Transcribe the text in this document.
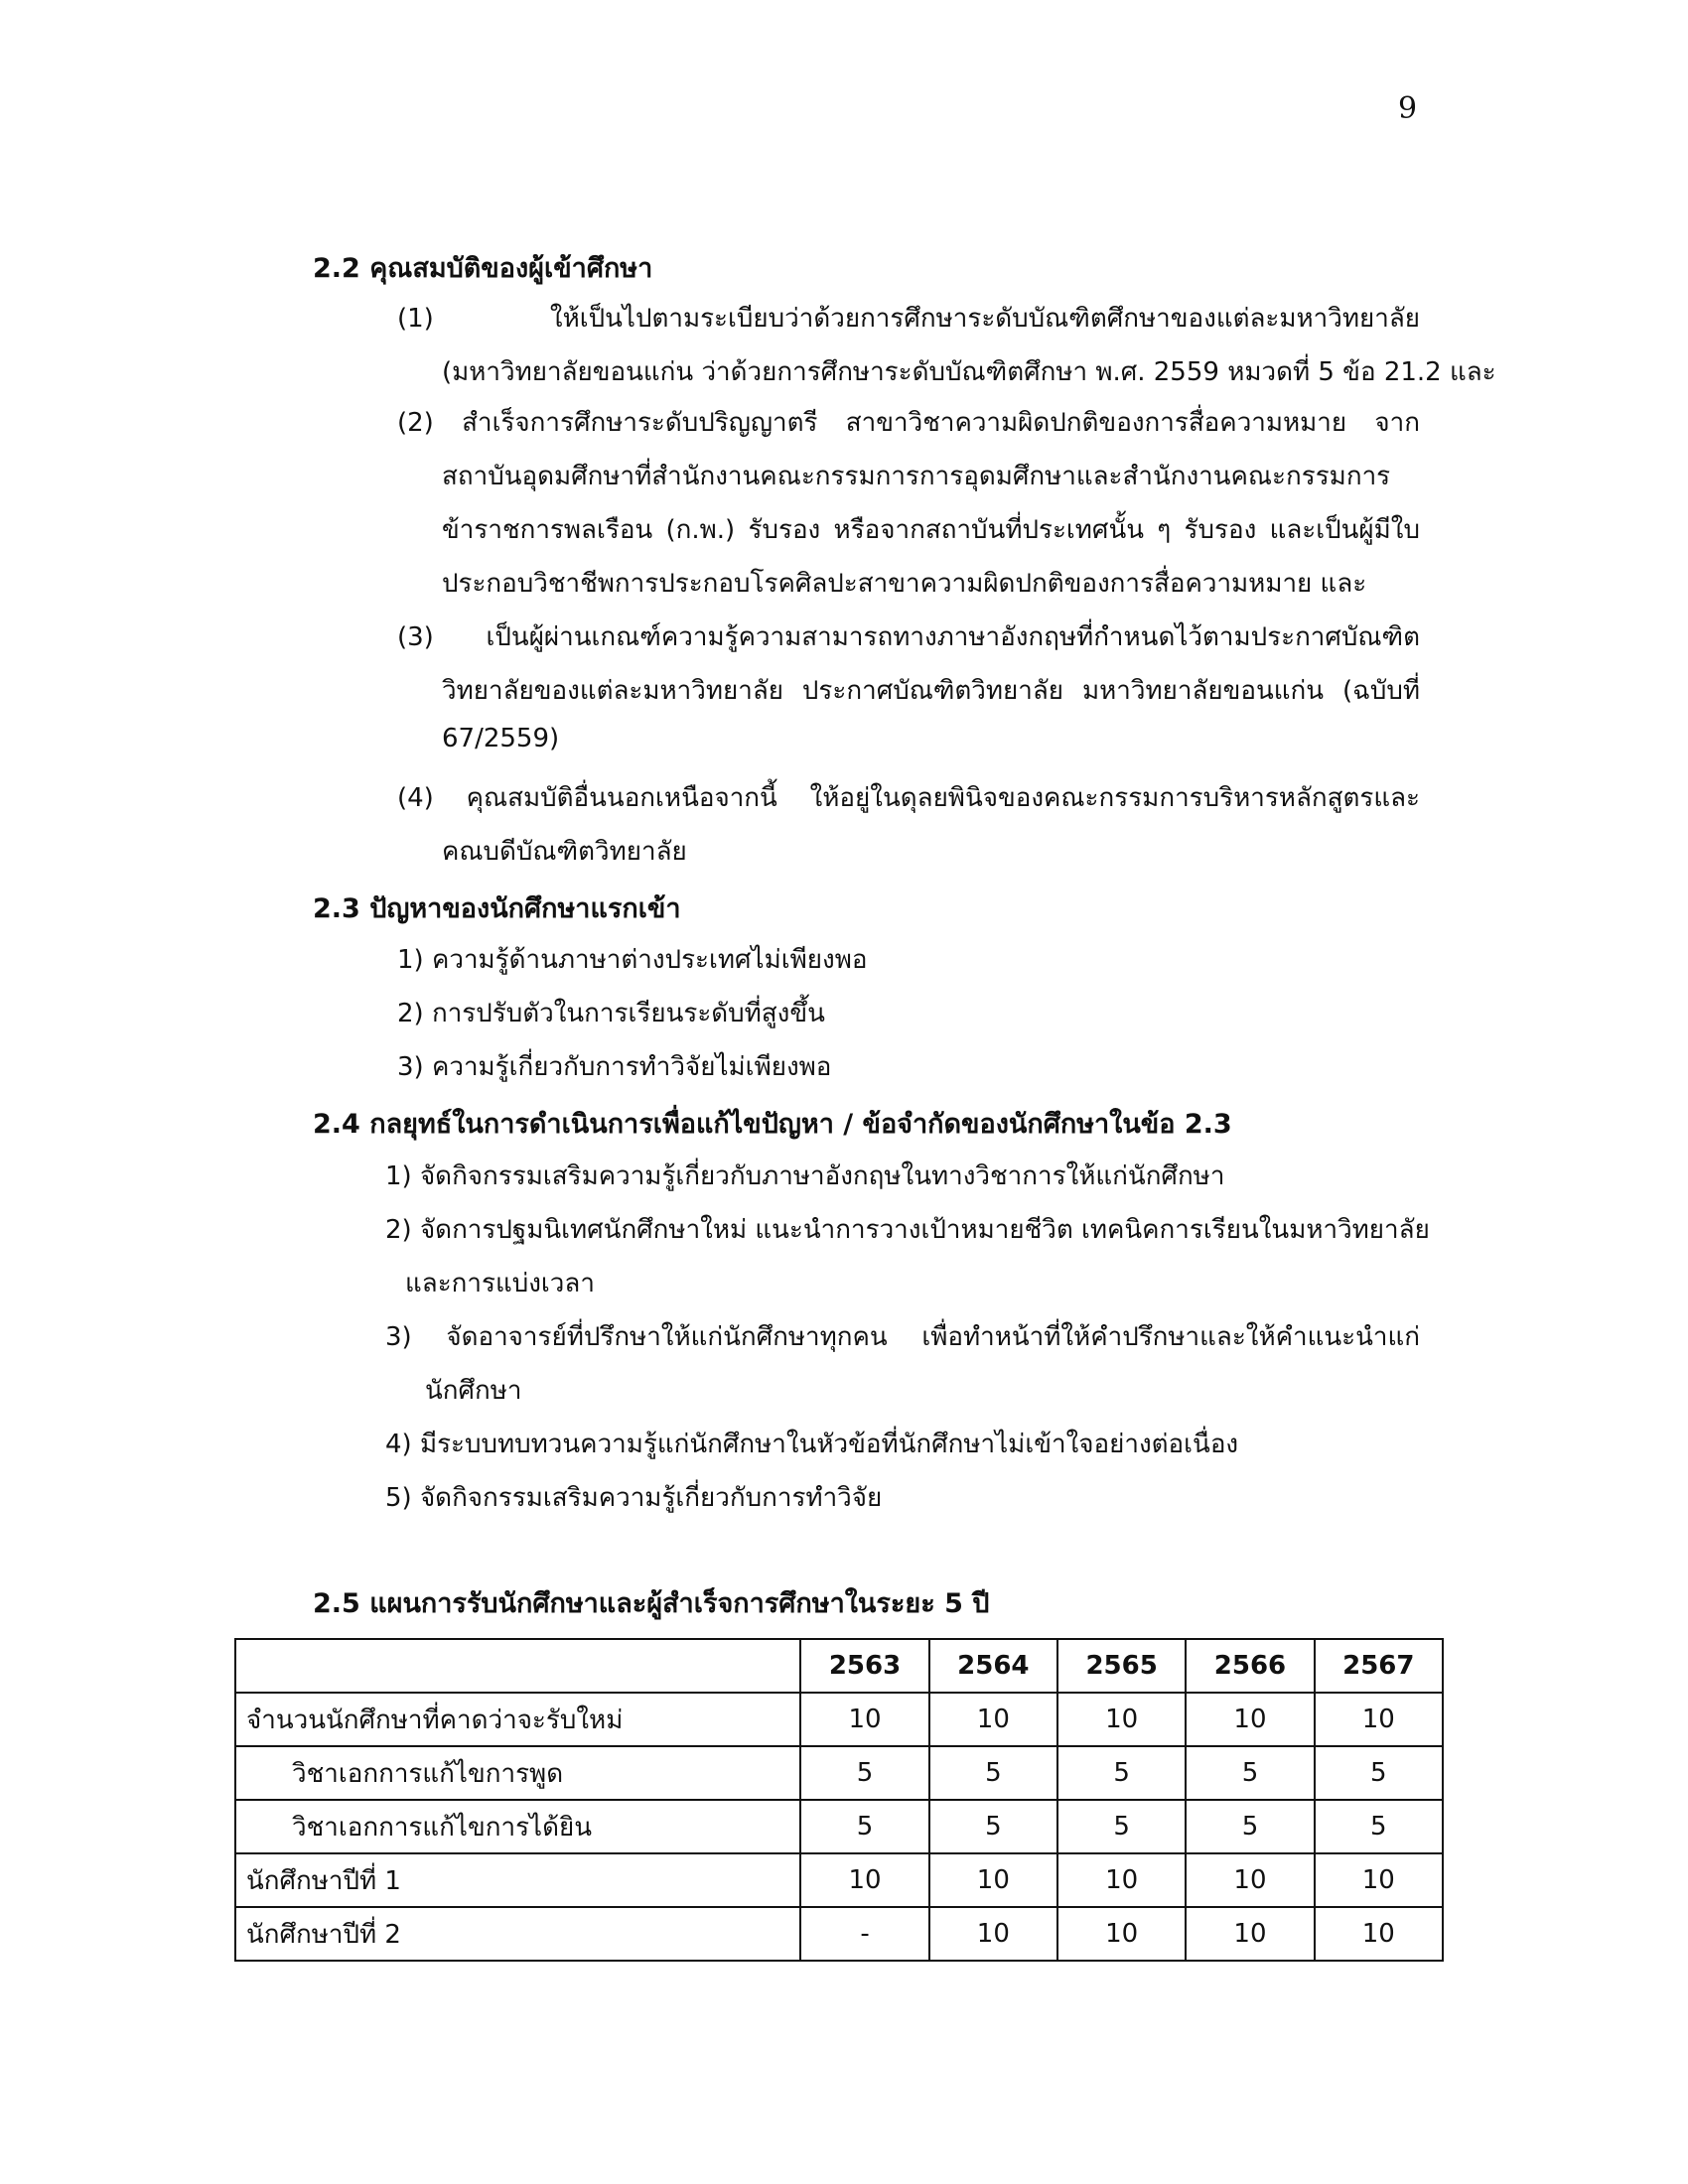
9
2.2 คุณสมบัติของผู้เข้าศึกษา
(1) ให้เป็นไปตามระเบียบว่าด้วยการศึกษาระดับบัณฑิตศึกษาของแต่ละมหาวิทยาลัย
(มหาวิทยาลัยขอนแก่น ว่าด้วยการศึกษาระดับบัณฑิตศึกษา พ.ศ. 2559 หมวดที่ 5 ข้อ 21.2 และ
(2) สำเร็จการศึกษาระดับปริญญาตรี สาขาวิชาความผิดปกติของการสื่อความหมาย จาก
สถาบันอุดมศึกษาที่สำนักงานคณะกรรมการการอุดมศึกษาและสำนักงานคณะกรรมการ
ข้าราชการพลเรือน (ก.พ.) รับรอง หรือจากสถาบันที่ประเทศนั้น ๆ รับรอง และเป็นผู้มีใบ
ประกอบวิชาชีพการประกอบโรคศิลปะสาขาความผิดปกติของการสื่อความหมาย และ
(3) เป็นผู้ผ่านเกณฑ์ความรู้ความสามารถทางภาษาอังกฤษที่กำหนดไว้ตามประกาศบัณฑิต
วิทยาลัยของแต่ละมหาวิทยาลัย ประกาศบัณฑิตวิทยาลัย มหาวิทยาลัยขอนแก่น (ฉบับที่
67/2559)
(4) คุณสมบัติอื่นนอกเหนือจากนี้ ให้อยู่ในดุลยพินิจของคณะกรรมการบริหารหลักสูตรและ
คณบดีบัณฑิตวิทยาลัย
2.3 ปัญหาของนักศึกษาแรกเข้า
1) ความรู้ด้านภาษาต่างประเทศไม่เพียงพอ
2) การปรับตัวในการเรียนระดับที่สูงขึ้น
3) ความรู้เกี่ยวกับการทำวิจัยไม่เพียงพอ
2.4 กลยุทธ์ในการดำเนินการเพื่อแก้ไขปัญหา / ข้อจำกัดของนักศึกษาในข้อ 2.3
1) จัดกิจกรรมเสริมความรู้เกี่ยวกับภาษาอังกฤษในทางวิชาการให้แก่นักศึกษา
2) จัดการปฐมนิเทศนักศึกษาใหม่ แนะนำการวางเป้าหมายชีวิต เทคนิคการเรียนในมหาวิทยาลัย
และการแบ่งเวลา
3) จัดอาจารย์ที่ปรึกษาให้แก่นักศึกษาทุกคน เพื่อทำหน้าที่ให้คำปรึกษาและให้คำแนะนำแก่
นักศึกษา
4) มีระบบทบทวนความรู้แก่นักศึกษาในหัวข้อที่นักศึกษาไม่เข้าใจอย่างต่อเนื่อง
5) จัดกิจกรรมเสริมความรู้เกี่ยวกับการทำวิจัย
2.5 แผนการรับนักศึกษาและผู้สำเร็จการศึกษาในระยะ 5 ปี
	2563	2564	2565	2566	2567
จำนวนนักศึกษาที่คาดว่าจะรับใหม่	10	10	10	10	10
วิชาเอกการแก้ไขการพูด	5	5	5	5	5
วิชาเอกการแก้ไขการได้ยิน	5	5	5	5	5
นักศึกษาปีที่ 1	10	10	10	10	10
นักศึกษาปีที่ 2	-	10	10	10	10
